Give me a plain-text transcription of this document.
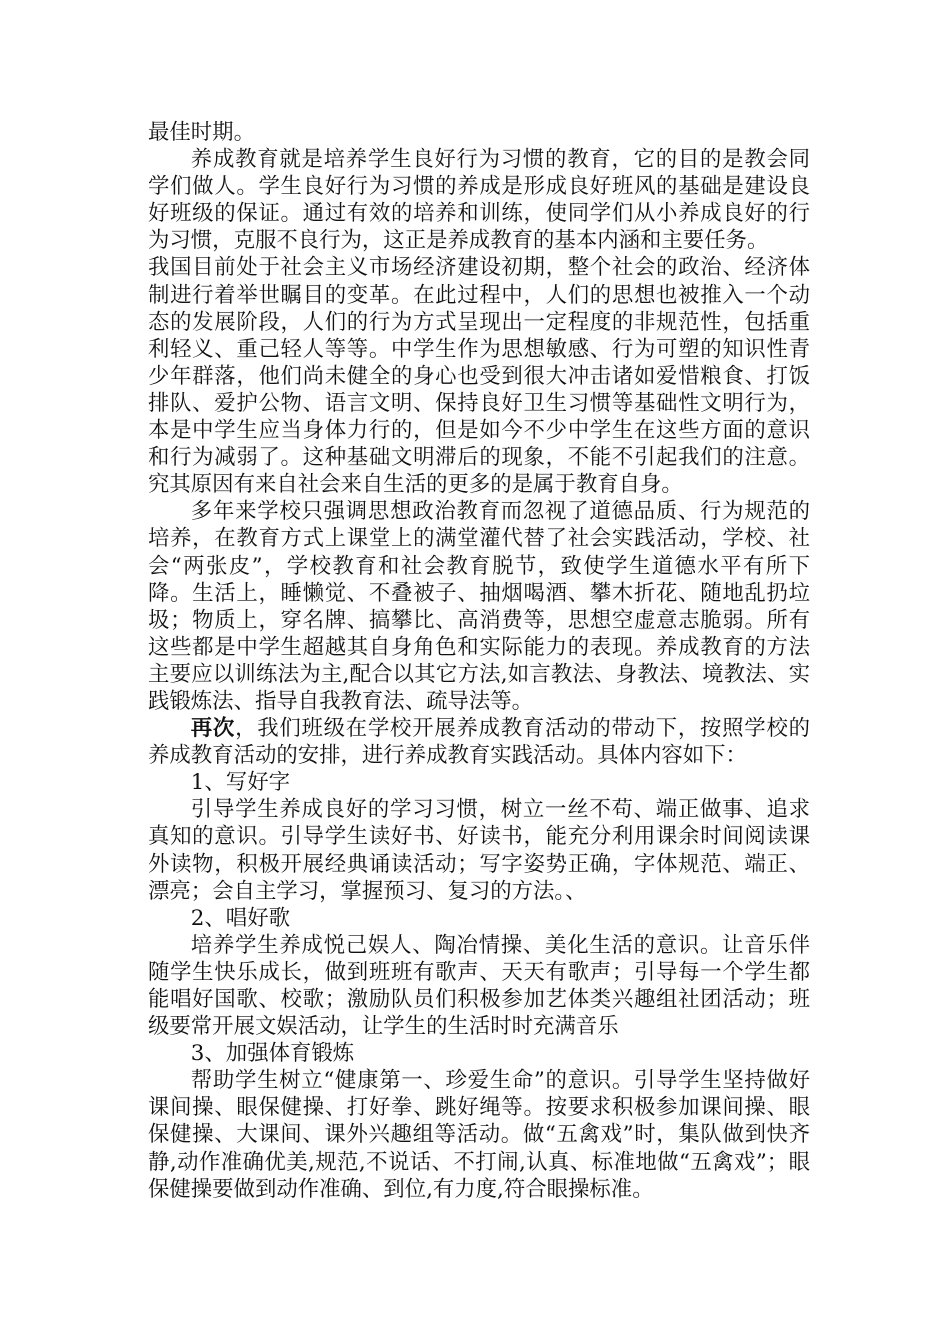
最佳时期。

养成教育就是培养学生良好行为习惯的教育，它的目的是教会同学们做人。学生良好行为习惯的养成是形成良好班风的基础是建设良好班级的保证。通过有效的培养和训练，使同学们从小养成良好的行为习惯，克服不良行为，这正是养成教育的基本内涵和主要任务。

我国目前处于社会主义市场经济建设初期，整个社会的政治、经济体制进行着举世瞩目的变革。在此过程中，人们的思想也被推入一个动态的发展阶段，人们的行为方式呈现出一定程度的非规范性，包括重利轻义、重己轻人等等。中学生作为思想敏感、行为可塑的知识性青少年群落，他们尚未健全的身心也受到很大冲击诸如爱惜粮食、打饭排队、爱护公物、语言文明、保持良好卫生习惯等基础性文明行为，本是中学生应当身体力行的，但是如今不少中学生在这些方面的意识和行为减弱了。这种基础文明滞后的现象，不能不引起我们的注意。究其原因有来自社会来自生活的更多的是属于教育自身。

多年来学校只强调思想政治教育而忽视了道德品质、行为规范的培养，在教育方式上课堂上的满堂灌代替了社会实践活动，学校、社会“两张皮”，学校教育和社会教育脱节，致使学生道德水平有所下降。生活上，睡懒觉、不叠被子、抽烟喝酒、攀木折花、随地乱扔垃圾；物质上，穿名牌、搞攀比、高消费等，思想空虚意志脆弱。所有这些都是中学生超越其自身角色和实际能力的表现。养成教育的方法主要应以训练法为主,配合以其它方法,如言教法、身教法、境教法、实践锻炼法、指导自我教育法、疏导法等。

再次，我们班级在学校开展养成教育活动的带动下，按照学校的养成教育活动的安排，进行养成教育实践活动。具体内容如下：

1、写好字

引导学生养成良好的学习习惯，树立一丝不苟、端正做事、追求真知的意识。引导学生读好书、好读书，能充分利用课余时间阅读课外读物，积极开展经典诵读活动；写字姿势正确，字体规范、端正、漂亮；会自主学习，掌握预习、复习的方法。、

2、唱好歌

培养学生养成悦己娱人、陶冶情操、美化生活的意识。让音乐伴随学生快乐成长，做到班班有歌声、天天有歌声；引导每一个学生都能唱好国歌、校歌；激励队员们积极参加艺体类兴趣组社团活动；班级要常开展文娱活动，让学生的生活时时充满音乐

3、加强体育锻炼

帮助学生树立“健康第一、珍爱生命”的意识。引导学生坚持做好课间操、眼保健操、打好拳、跳好绳等。按要求积极参加课间操、眼保健操、大课间、课外兴趣组等活动。做“五禽戏”时，集队做到快齐静,动作准确优美,规范,不说话、不打闹,认真、标准地做“五禽戏”；眼保健操要做到动作准确、到位,有力度,符合眼操标准。
